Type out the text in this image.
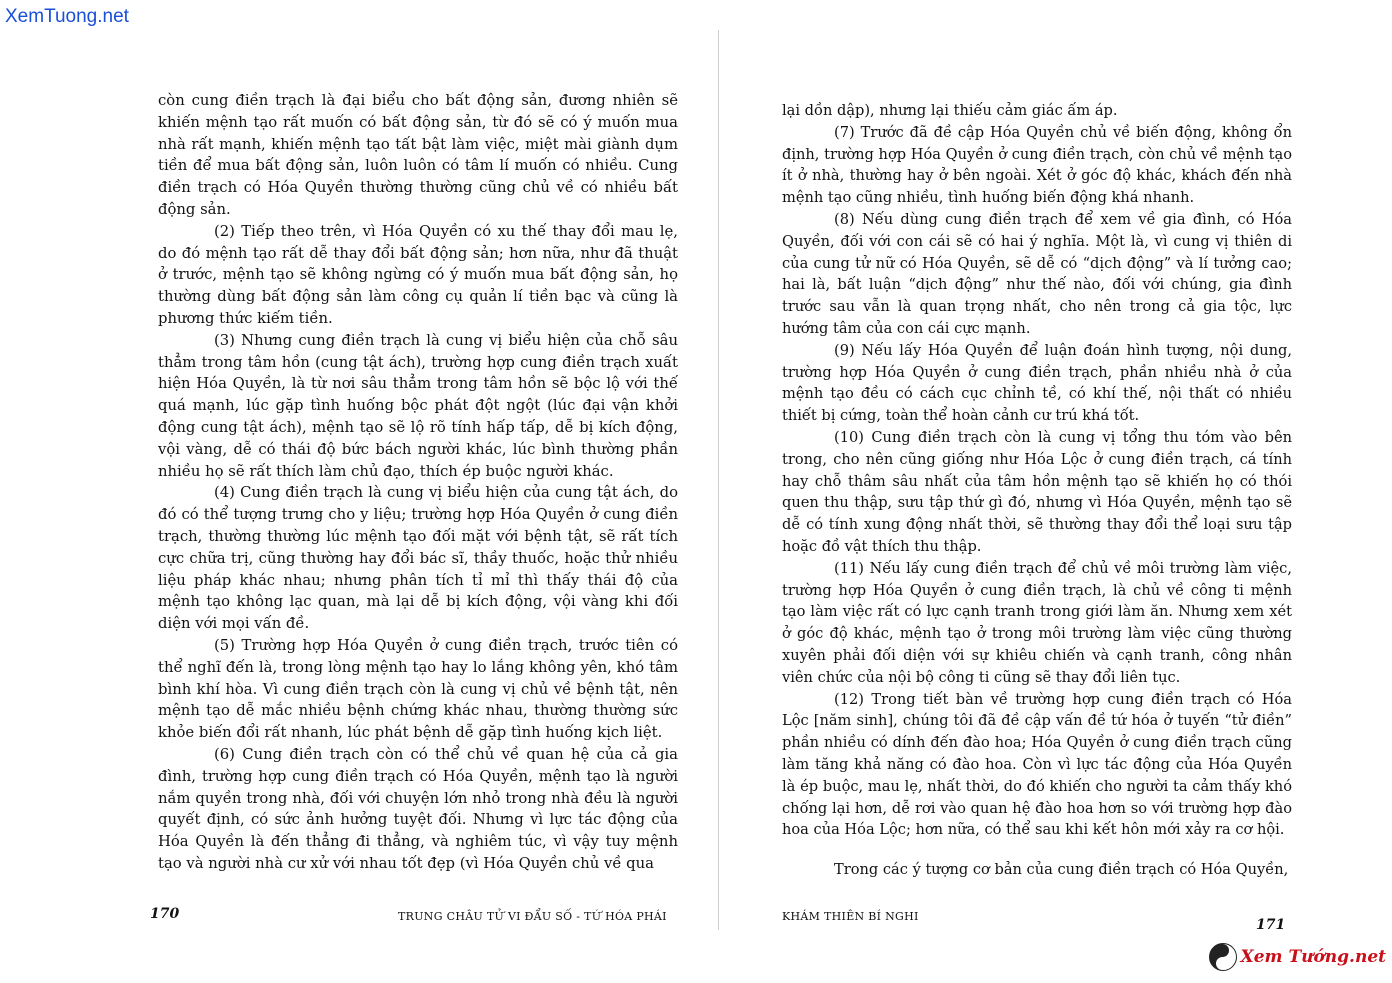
XemTuong.net

còn cung điền trạch là đại biểu cho bất động sản, đương nhiên sẽ khiến mệnh tạo rất muốn có bất động sản, từ đó sẽ có ý muốn mua nhà rất mạnh, khiến mệnh tạo tất bật làm việc, miệt mài giành dụm tiền để mua bất động sản, luôn luôn có tâm lí muốn có nhiều. Cung điền trạch có Hóa Quyền thường thường cũng chủ về có nhiều bất động sản.

(2) Tiếp theo trên, vì Hóa Quyền có xu thế thay đổi mau lẹ, do đó mệnh tạo rất dễ thay đổi bất động sản; hơn nữa, như đã thuật ở trước, mệnh tạo sẽ không ngừng có ý muốn mua bất động sản, họ thường dùng bất động sản làm công cụ quản lí tiền bạc và cũng là phương thức kiếm tiền.

(3) Nhưng cung điền trạch là cung vị biểu hiện của chỗ sâu thẳm trong tâm hồn (cung tật ách), trường hợp cung điền trạch xuất hiện Hóa Quyền, là từ nơi sâu thẳm trong tâm hồn sẽ bộc lộ với thế quá mạnh, lúc gặp tình huống bộc phát đột ngột (lúc đại vận khởi động cung tật ách), mệnh tạo sẽ lộ rõ tính hấp tấp, dễ bị kích động, vội vàng, dễ có thái độ bức bách người khác, lúc bình thường phần nhiều họ sẽ rất thích làm chủ đạo, thích ép buộc người khác.

(4) Cung điền trạch là cung vị biểu hiện của cung tật ách, do đó có thể tượng trưng cho y liệu; trường hợp Hóa Quyền ở cung điền trạch, thường thường lúc mệnh tạo đối mặt với bệnh tật, sẽ rất tích cực chữa trị, cũng thường hay đổi bác sĩ, thầy thuốc, hoặc thử nhiều liệu pháp khác nhau; nhưng phân tích tỉ mỉ thì thấy thái độ của mệnh tạo không lạc quan, mà lại dễ bị kích động, vội vàng khi đối diện với mọi vấn đề.

(5) Trường hợp Hóa Quyền ở cung điền trạch, trước tiên có thể nghĩ đến là, trong lòng mệnh tạo hay lo lắng không yên, khó tâm bình khí hòa. Vì cung điền trạch còn là cung vị chủ về bệnh tật, nên mệnh tạo dễ mắc nhiều bệnh chứng khác nhau, thường thường sức khỏe biến đổi rất nhanh, lúc phát bệnh dễ gặp tình huống kịch liệt.

(6) Cung điền trạch còn có thể chủ về quan hệ của cả gia đình, trường hợp cung điền trạch có Hóa Quyền, mệnh tạo là người nắm quyền trong nhà, đối với chuyện lớn nhỏ trong nhà đều là người quyết định, có sức ảnh hưởng tuyệt đối. Nhưng vì lực tác động của Hóa Quyền là đến thẳng đi thẳng, và nghiêm túc, vì vậy tuy mệnh tạo và người nhà cư xử với nhau tốt đẹp (vì Hóa Quyền chủ về qua

170	TRUNG CHÂU TỬ VI ĐẨU SỐ - TỨ HÓA PHÁI

lại dồn dập), nhưng lại thiếu cảm giác ấm áp.

(7) Trước đã đề cập Hóa Quyền chủ về biến động, không ổn định, trường hợp Hóa Quyền ở cung điền trạch, còn chủ về mệnh tạo ít ở nhà, thường hay ở bên ngoài. Xét ở góc độ khác, khách đến nhà mệnh tạo cũng nhiều, tình huống biến động khá nhanh.

(8) Nếu dùng cung điền trạch để xem về gia đình, có Hóa Quyền, đối với con cái sẽ có hai ý nghĩa. Một là, vì cung vị thiên di của cung tử nữ có Hóa Quyền, sẽ dễ có “dịch động” và lí tưởng cao; hai là, bất luận “dịch động” như thế nào, đối với chúng, gia đình trước sau vẫn là quan trọng nhất, cho nên trong cả gia tộc, lực hướng tâm của con cái cực mạnh.

(9) Nếu lấy Hóa Quyền để luận đoán hình tượng, nội dung, trường hợp Hóa Quyền ở cung điền trạch, phần nhiều nhà ở của mệnh tạo đều có cách cục chỉnh tề, có khí thế, nội thất có nhiều thiết bị cứng, toàn thể hoàn cảnh cư trú khá tốt.

(10) Cung điền trạch còn là cung vị tổng thu tóm vào bên trong, cho nên cũng giống như Hóa Lộc ở cung điền trạch, cá tính hay chỗ thâm sâu nhất của tâm hồn mệnh tạo sẽ khiến họ có thói quen thu thập, sưu tập thứ gì đó, nhưng vì Hóa Quyền, mệnh tạo sẽ dễ có tính xung động nhất thời, sẽ thường thay đổi thể loại sưu tập hoặc đồ vật thích thu thập.

(11) Nếu lấy cung điền trạch để chủ về môi trường làm việc, trường hợp Hóa Quyền ở cung điền trạch, là chủ về công ti mệnh tạo làm việc rất có lực cạnh tranh trong giới làm ăn. Nhưng xem xét ở góc độ khác, mệnh tạo ở trong môi trường làm việc cũng thường xuyên phải đối diện với sự khiêu chiến và cạnh tranh, công nhân viên chức của nội bộ công ti cũng sẽ thay đổi liên tục.

(12) Trong tiết bàn về trường hợp cung điền trạch có Hóa Lộc [năm sinh], chúng tôi đã đề cập vấn đề tứ hóa ở tuyến “tử điền” phần nhiều có dính đến đào hoa; Hóa Quyền ở cung điền trạch cũng làm tăng khả năng có đào hoa. Còn vì lực tác động của Hóa Quyền là ép buộc, mau lẹ, nhất thời, do đó khiến cho người ta cảm thấy khó chống lại hơn, dễ rơi vào quan hệ đào hoa hơn so với trường hợp đào hoa của Hóa Lộc; hơn nữa, có thể sau khi kết hôn mới xảy ra cơ hội.

Trong các ý tượng cơ bản của cung điền trạch có Hóa Quyền,

KHÁM THIÊN BÍ NGHI
171
Xem Tướng.net
